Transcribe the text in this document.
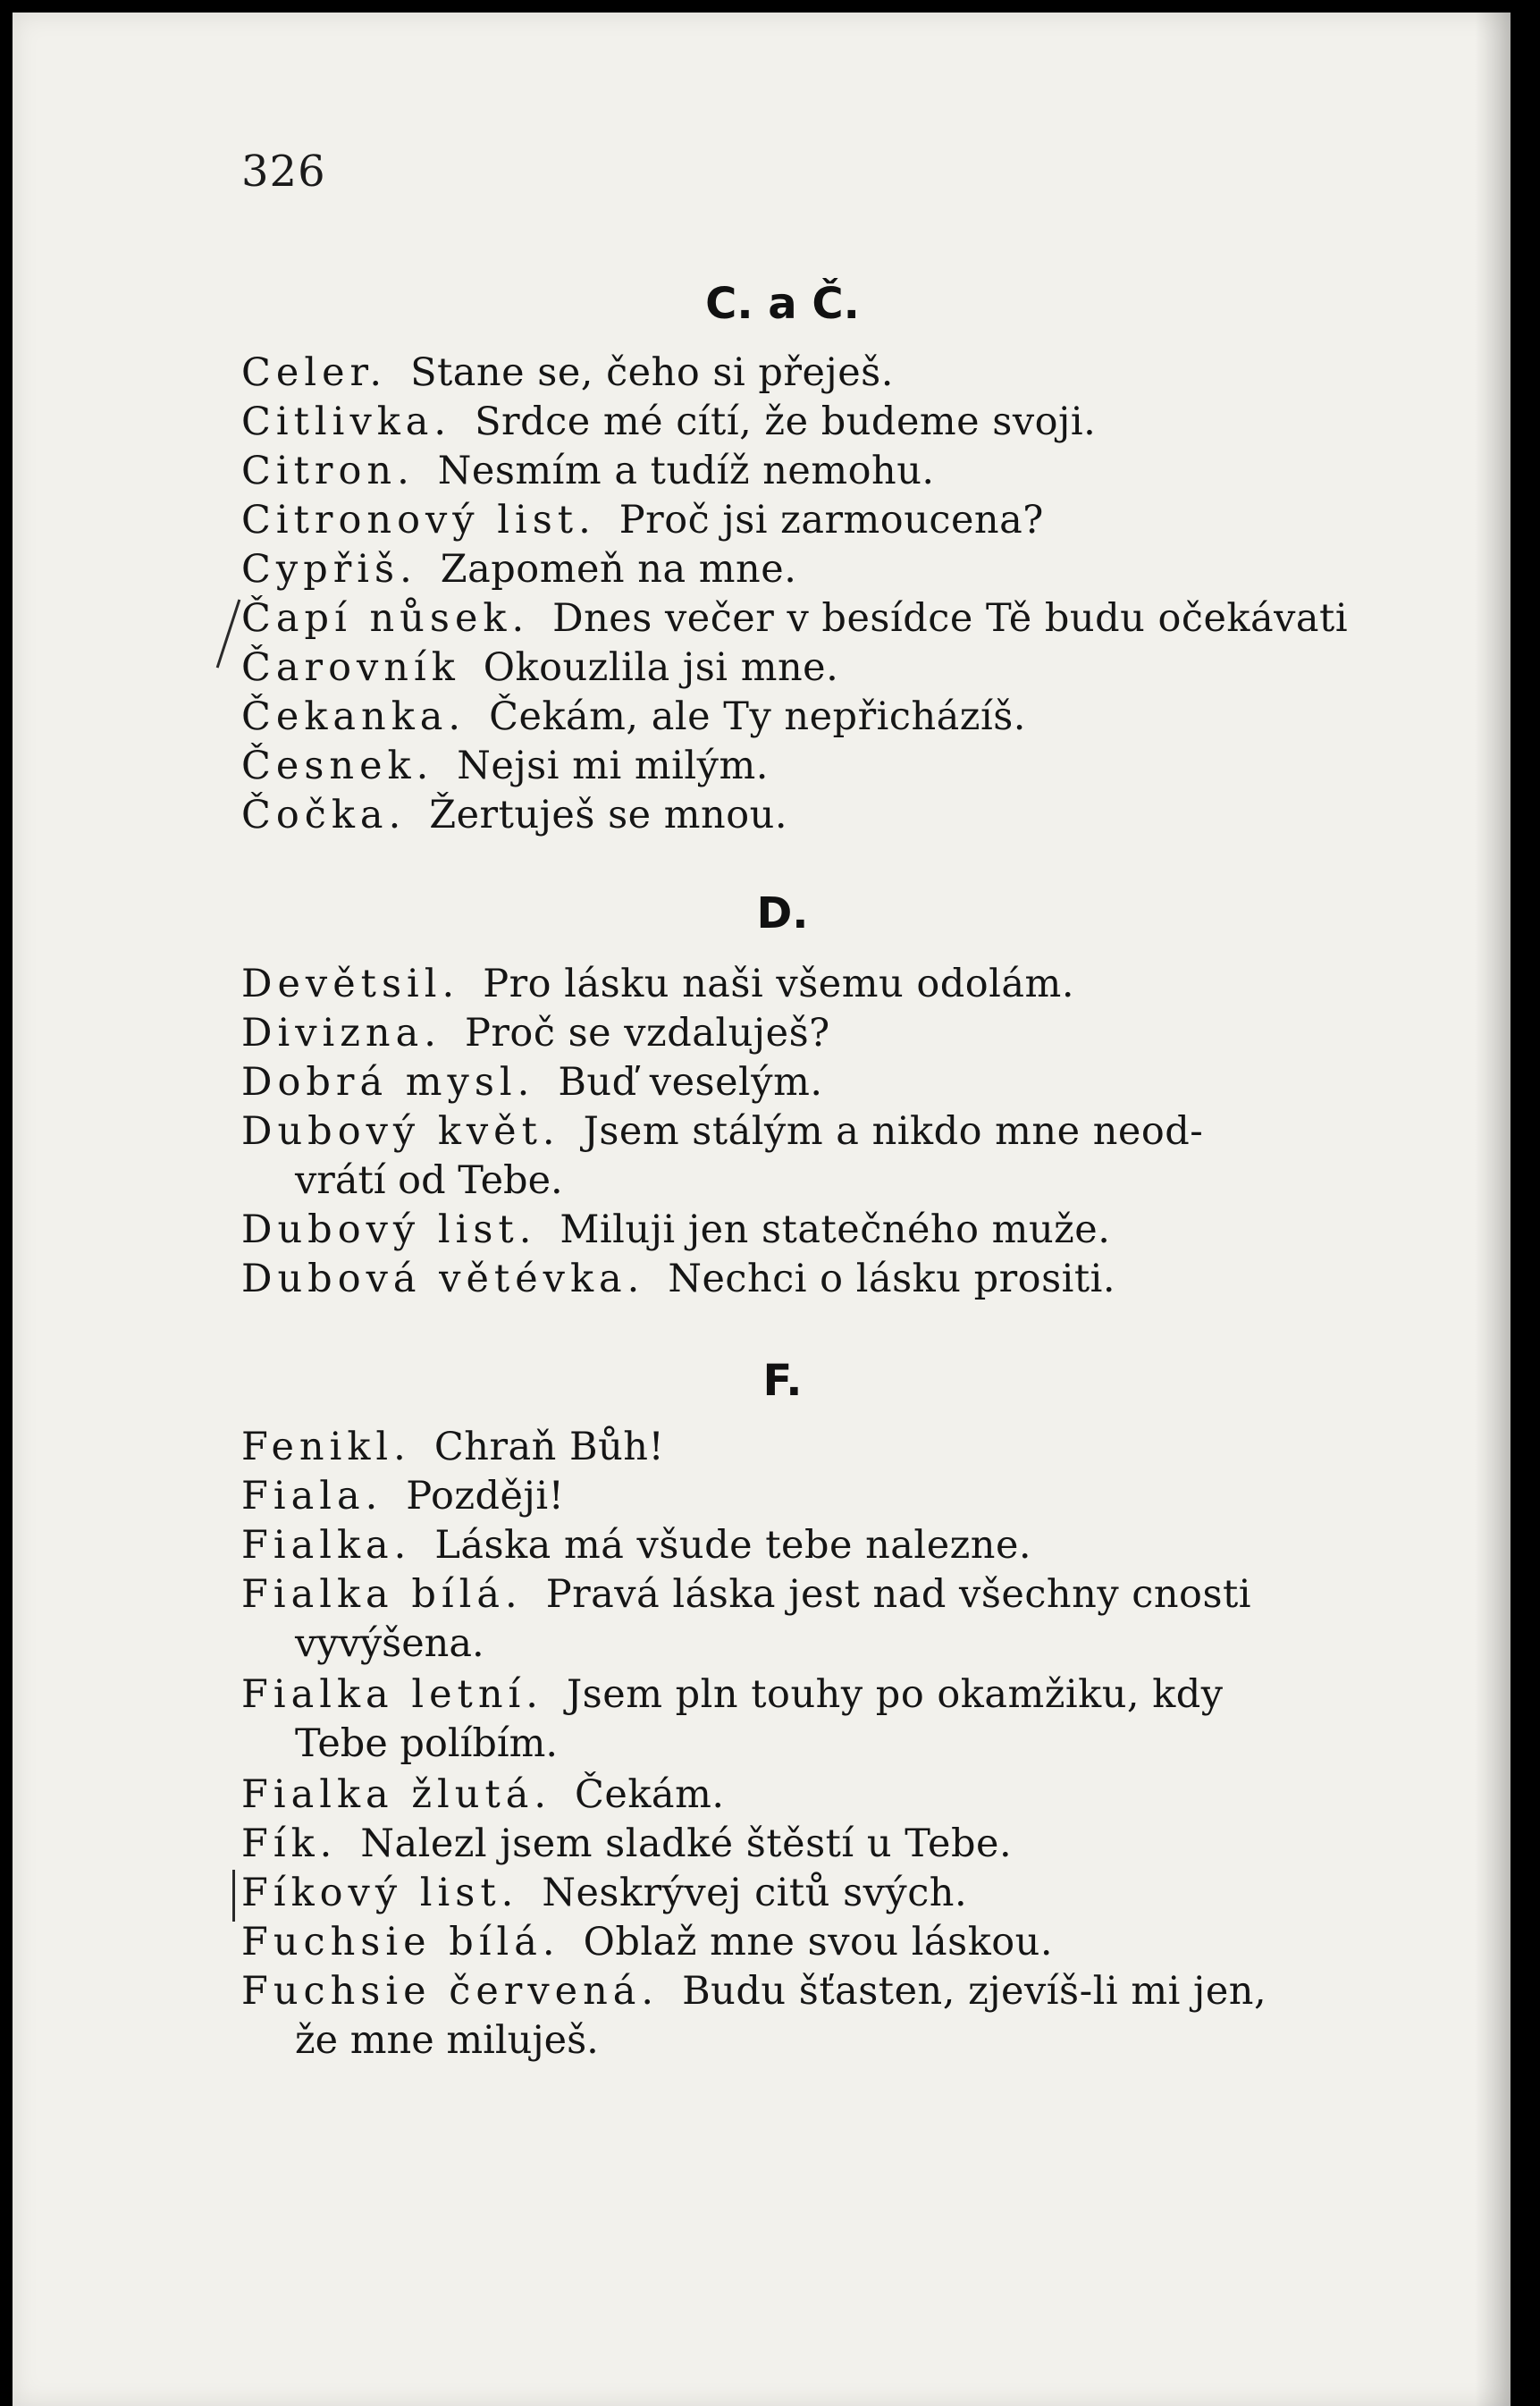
326
C. a Č.
Celer. Stane se, čeho si přeješ.
Citlivka. Srdce mé cítí, že budeme svoji.
Citron. Nesmím a tudíž nemohu.
Citronový list. Proč jsi zarmoucena?
Cypřiš. Zapomeň na mne.
Čapí nůsek. Dnes večer v besídce Tě budu očekávati
Čarovník Okouzlila jsi mne.
Čekanka. Čekám, ale Ty nepřicházíš.
Česnek. Nejsi mi milým.
Čočka. Žertuješ se mnou.
D.
Devětsil. Pro lásku naši všemu odolám.
Divizna. Proč se vzdaluješ?
Dobrá mysl. Buď veselým.
Dubový květ. Jsem stálým a nikdo mne neod-
vrátí od Tebe.
Dubový list. Miluji jen statečného muže.
Dubová větévka. Nechci o lásku prositi.
F.
Fenikl. Chraň Bůh!
Fiala. Později!
Fialka. Láska má všude tebe nalezne.
Fialka bílá. Pravá láska jest nad všechny cnosti
vyvýšena.
Fialka letní. Jsem pln touhy po okamžiku, kdy
Tebe políbím.
Fialka žlutá. Čekám.
Fík. Nalezl jsem sladké štěstí u Tebe.
Fíkový list. Neskrývej citů svých.
Fuchsie bílá. Oblaž mne svou láskou.
Fuchsie červená. Budu šťasten, zjevíš-li mi jen,
že mne miluješ.
